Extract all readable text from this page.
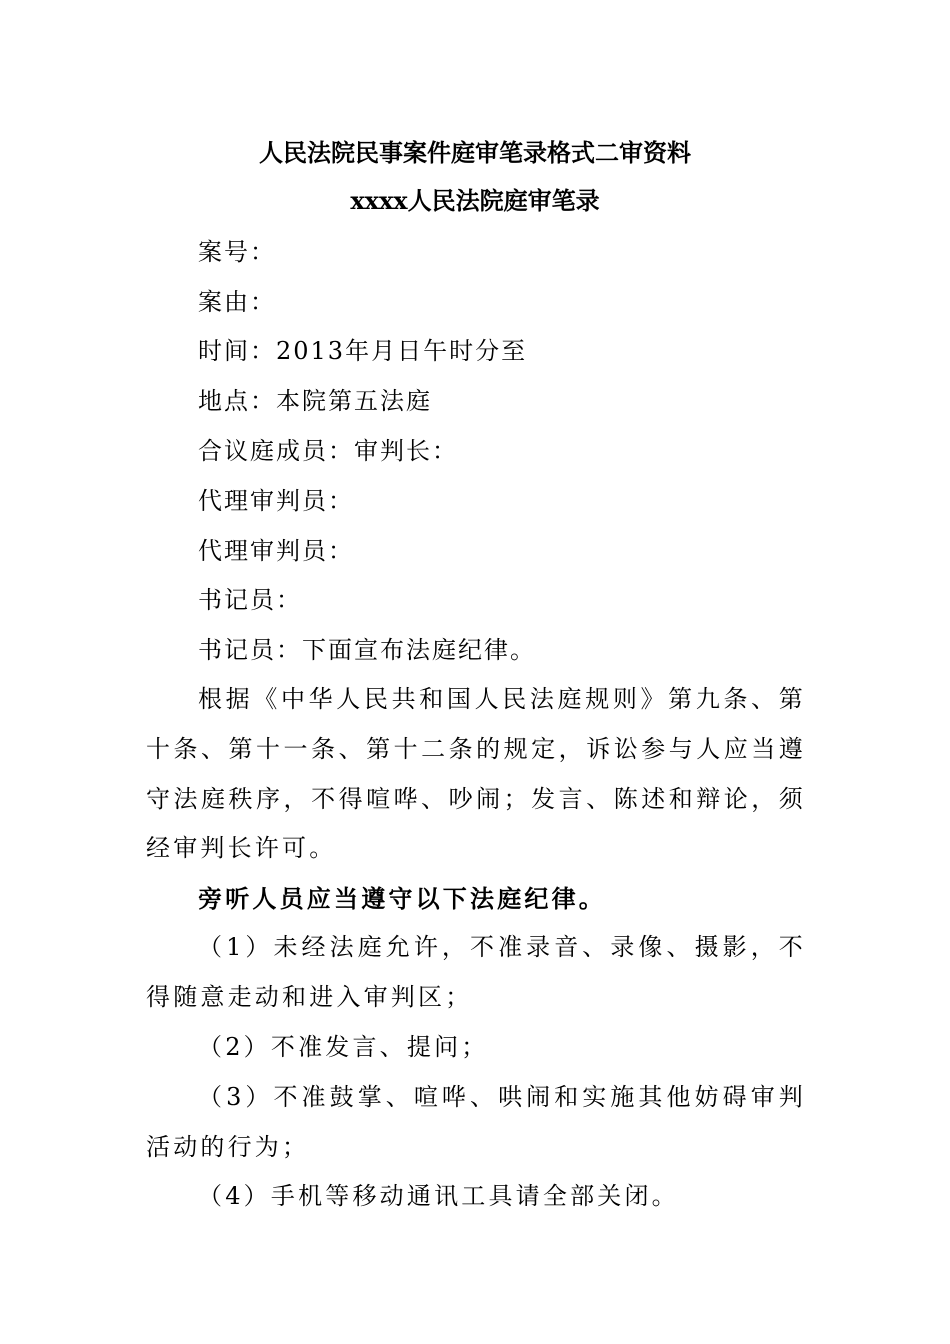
人民法院民事案件庭审笔录格式二审资料
xxxx人民法院庭审笔录
案号：
案由：
时间：2013年月日午时分至
地点：本院第五法庭
合议庭成员：审判长：
代理审判员：
代理审判员：
书记员：
书记员：下面宣布法庭纪律。
根据《中华人民共和国人民法庭规则》第九条、第十条、第十一条、第十二条的规定，诉讼参与人应当遵守法庭秩序，不得喧哗、吵闹；发言、陈述和辩论，须经审判长许可。
旁听人员应当遵守以下法庭纪律。
（1）未经法庭允许，不准录音、录像、摄影，不得随意走动和进入审判区；
（2）不准发言、提问；
（3）不准鼓掌、喧哗、哄闹和实施其他妨碍审判活动的行为；
（4）手机等移动通讯工具请全部关闭。
